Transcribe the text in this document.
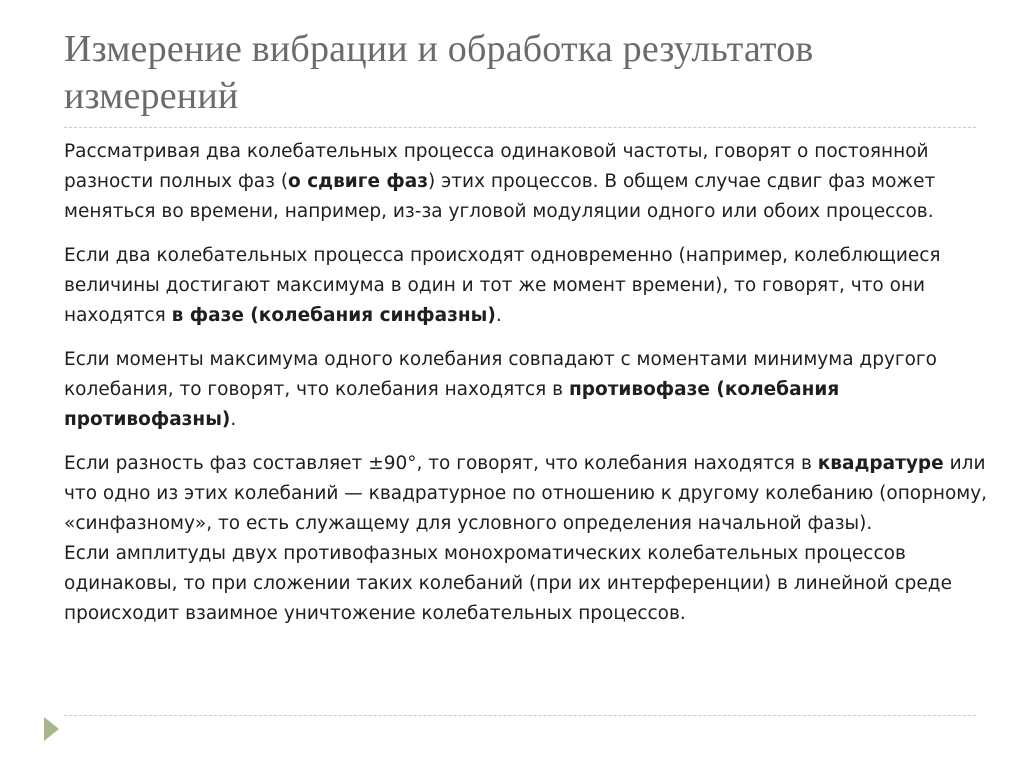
Измерение вибрации и обработка результатов измерений

Рассматривая два колебательных процесса одинаковой частоты, говорят о постоянной разности полных фаз (о сдвиге фаз) этих процессов. В общем случае сдвиг фаз может меняться во времени, например, из-за угловой модуляции одного или обоих процессов.

Если два колебательных процесса происходят одновременно (например, колеблющиеся величины достигают максимума в один и тот же момент времени), то говорят, что они находятся в фазе (колебания синфазны).

Если моменты максимума одного колебания совпадают с моментами минимума другого колебания, то говорят, что колебания находятся в противофазе (колебания противофазны).

Если разность фаз составляет ±90°, то говорят, что колебания находятся в квадратуре или что одно из этих колебаний — квадратурное по отношению к другому колебанию (опорному, «синфазному», то есть служащему для условного определения начальной фазы).

Если амплитуды двух противофазных монохроматических колебательных процессов одинаковы, то при сложении таких колебаний (при их интерференции) в линейной среде происходит взаимное уничтожение колебательных процессов.
